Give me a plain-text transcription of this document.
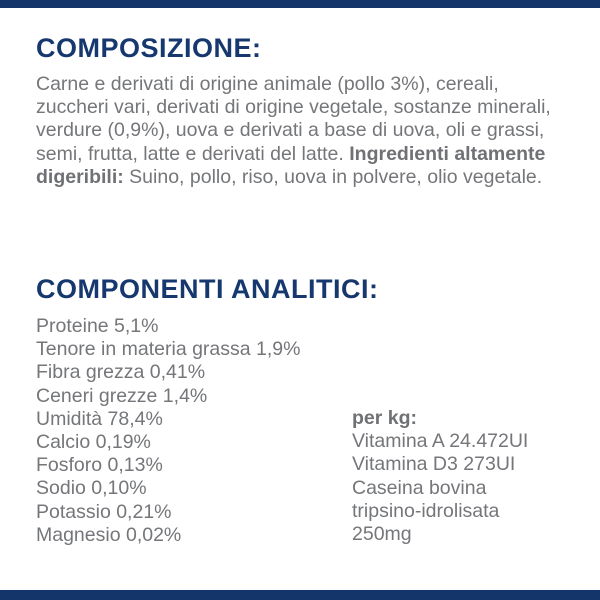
COMPOSIZIONE:

Carne e derivati di origine animale (pollo 3%), cereali, zuccheri vari, derivati di origine vegetale, sostanze minerali, verdure (0,9%), uova e derivati a base di uova, oli e grassi, semi, frutta, latte e derivati del latte. Ingredienti altamente digeribili: Suino, pollo, riso, uova in polvere, olio vegetale.

COMPONENTI ANALITICI:
Proteine 5,1%
Tenore in materia grassa 1,9%
Fibra grezza 0,41%
Ceneri grezze 1,4%
Umidità 78,4%
Calcio 0,19%
Fosforo 0,13%
Sodio 0,10%
Potassio 0,21%
Magnesio 0,02%
per kg:
Vitamina A 24.472UI
Vitamina D3 273UI
Caseina bovina
tripsino-idrolisata
250mg
